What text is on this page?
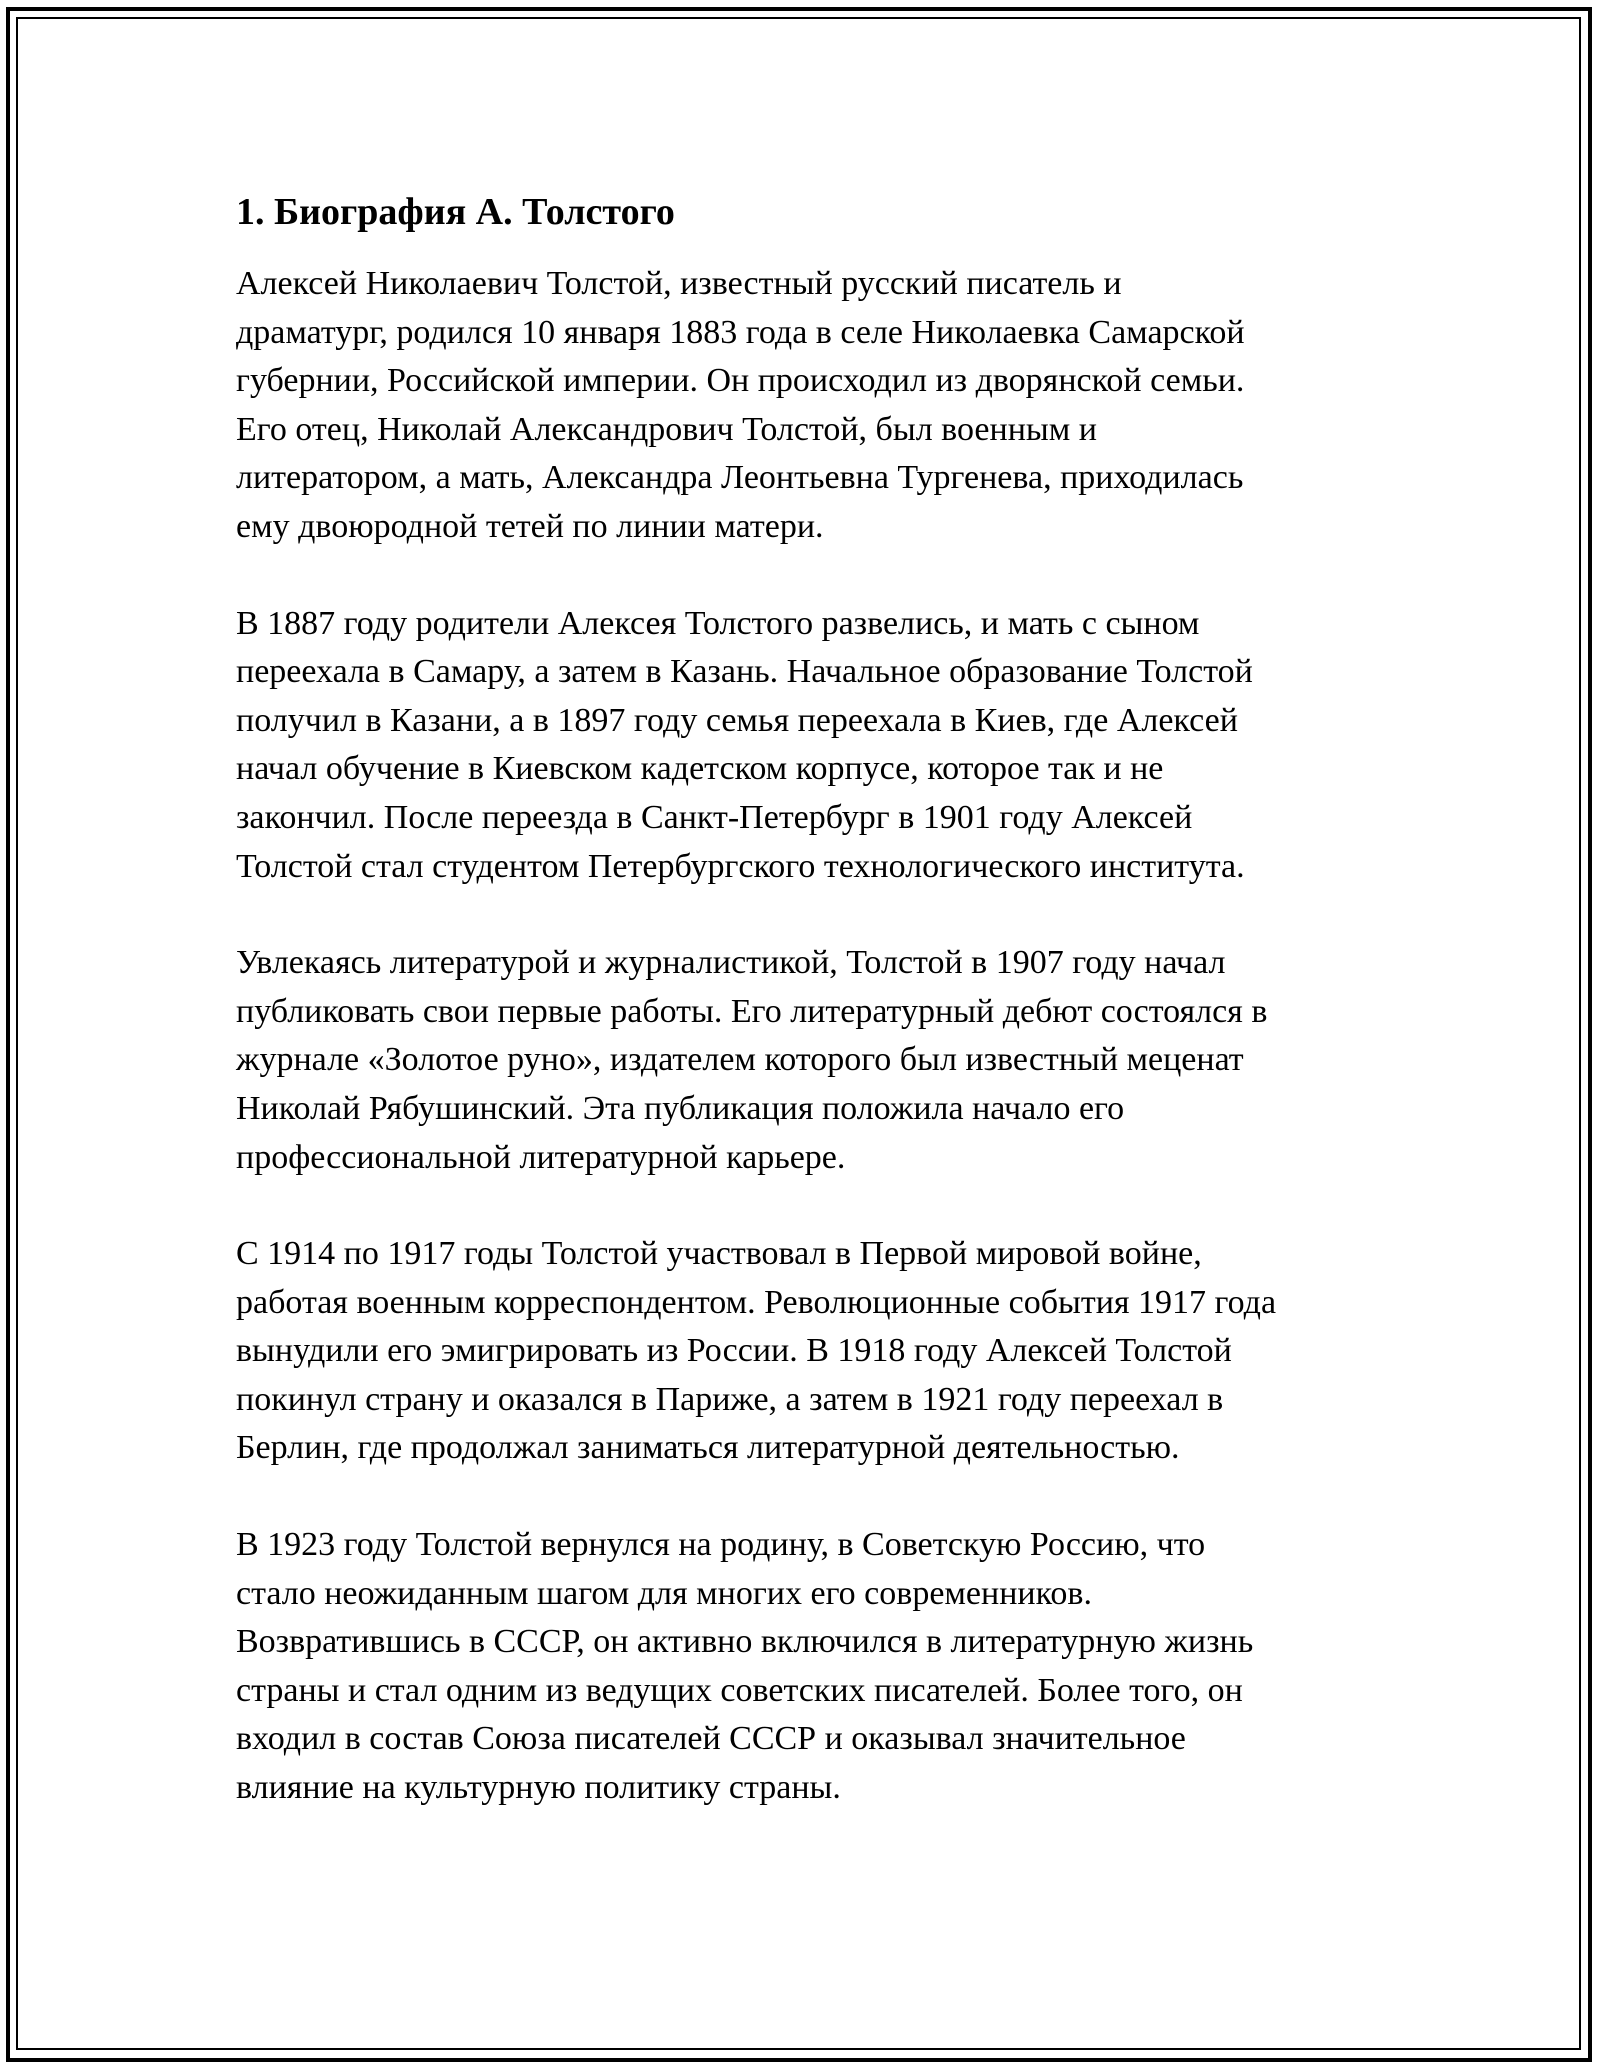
1. Биография А. Толстого

Алексей Николаевич Толстой, известный русский писатель и
драматург, родился 10 января 1883 года в селе Николаевка Самарской
губернии, Российской империи. Он происходил из дворянской семьи.
Его отец, Николай Александрович Толстой, был военным и
литератором, а мать, Александра Леонтьевна Тургенева, приходилась
ему двоюродной тетей по линии матери.

В 1887 году родители Алексея Толстого развелись, и мать с сыном
переехала в Самару, а затем в Казань. Начальное образование Толстой
получил в Казани, а в 1897 году семья переехала в Киев, где Алексей
начал обучение в Киевском кадетском корпусе, которое так и не
закончил. После переезда в Санкт-Петербург в 1901 году Алексей
Толстой стал студентом Петербургского технологического института.

Увлекаясь литературой и журналистикой, Толстой в 1907 году начал
публиковать свои первые работы. Его литературный дебют состоялся в
журнале «Золотое руно», издателем которого был известный меценат
Николай Рябушинский. Эта публикация положила начало его
профессиональной литературной карьере.

С 1914 по 1917 годы Толстой участвовал в Первой мировой войне,
работая военным корреспондентом. Революционные события 1917 года
вынудили его эмигрировать из России. В 1918 году Алексей Толстой
покинул страну и оказался в Париже, а затем в 1921 году переехал в
Берлин, где продолжал заниматься литературной деятельностью.

В 1923 году Толстой вернулся на родину, в Советскую Россию, что
стало неожиданным шагом для многих его современников.
Возвратившись в СССР, он активно включился в литературную жизнь
страны и стал одним из ведущих советских писателей. Более того, он
входил в состав Союза писателей СССР и оказывал значительное
влияние на культурную политику страны.
